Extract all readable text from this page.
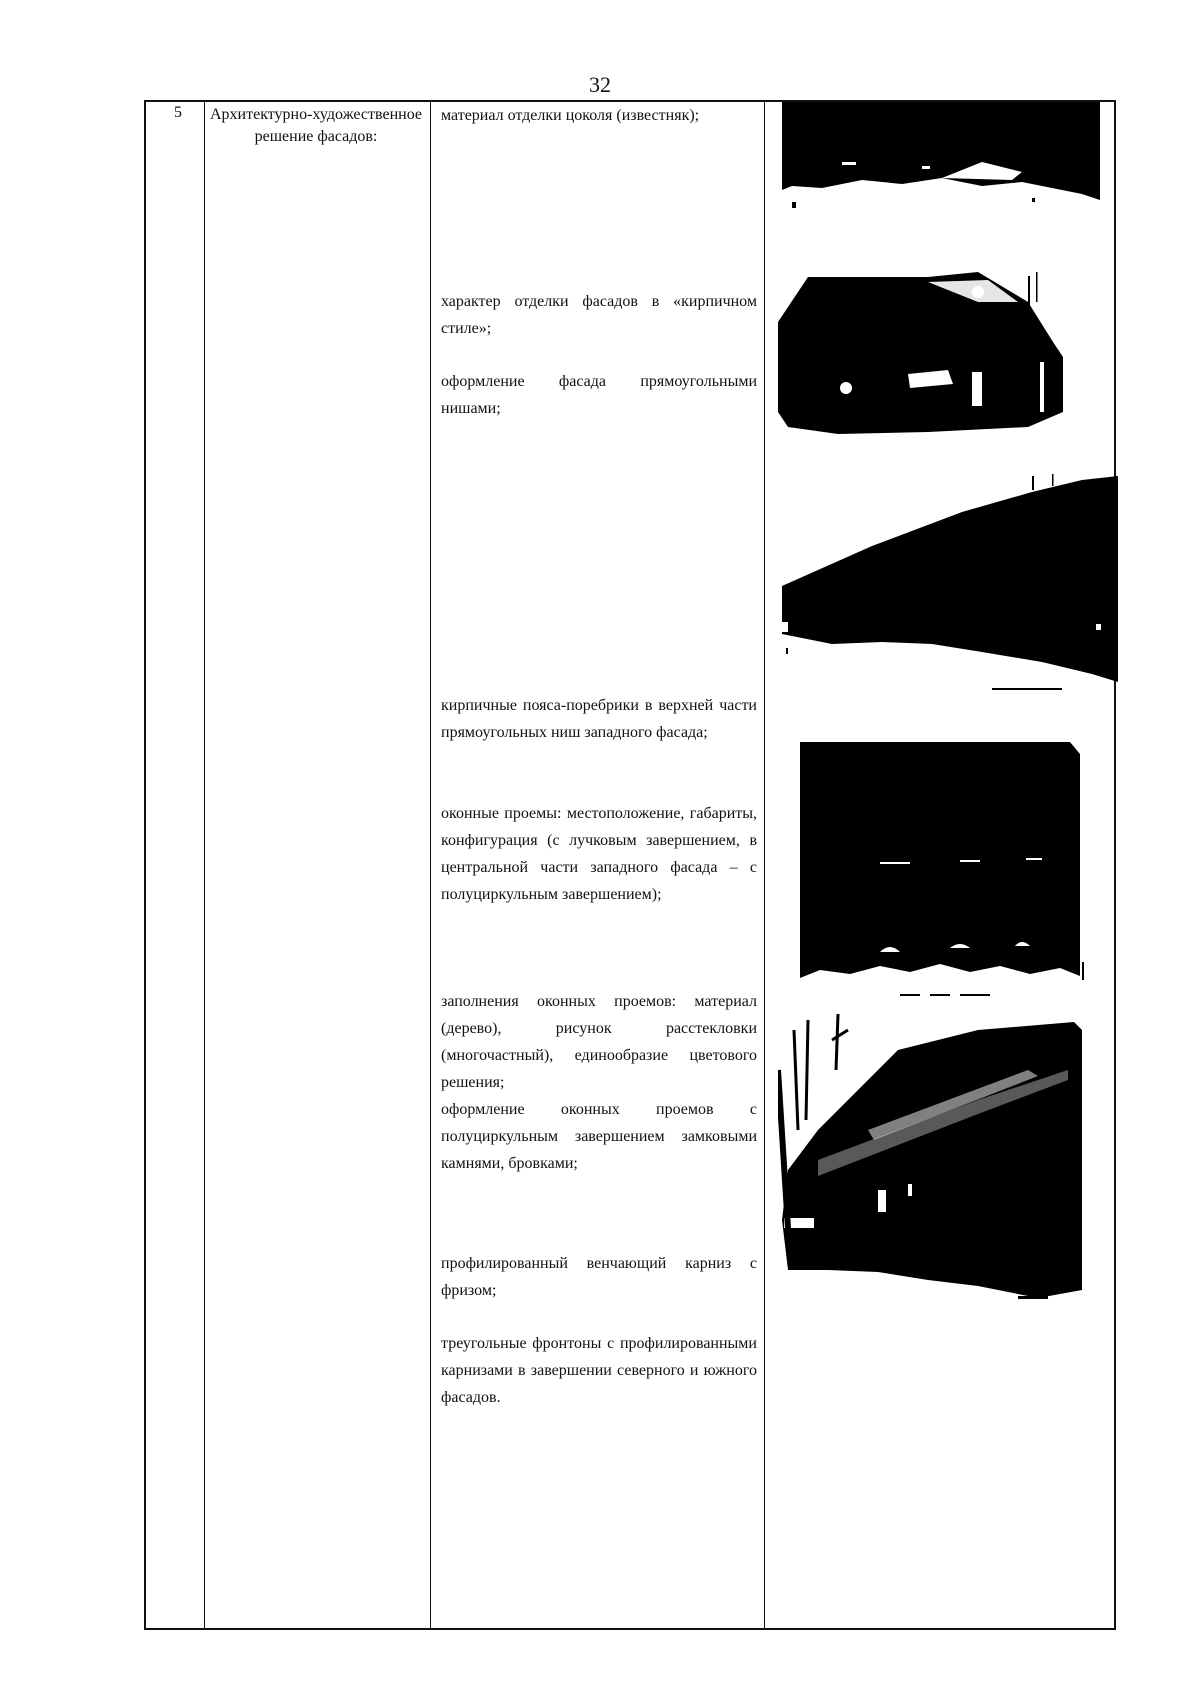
32
5 Архитектурно-художественное решение фасадов:
материал отделки цоколя (известняк);
характер отделки фасадов в «кирпичном стиле»;
оформление фасада прямоугольными нишами;
кирпичные пояса-поребрики в верхней части прямоугольных ниш западного фасада;
оконные проемы: местоположение, габариты, конфигурация (с лучковым завершением, в центральной части западного фасада – с полуциркульным завершением);
заполнения оконных проемов: материал (дерево), рисунок расстекловки (многочастный), единообразие цветового решения;
оформление оконных проемов с полуциркульным завершением замковыми камнями, бровками;
профилированный венчающий карниз с фризом;
треугольные фронтоны с профилированными карнизами в завершении северного и южного фасадов.
